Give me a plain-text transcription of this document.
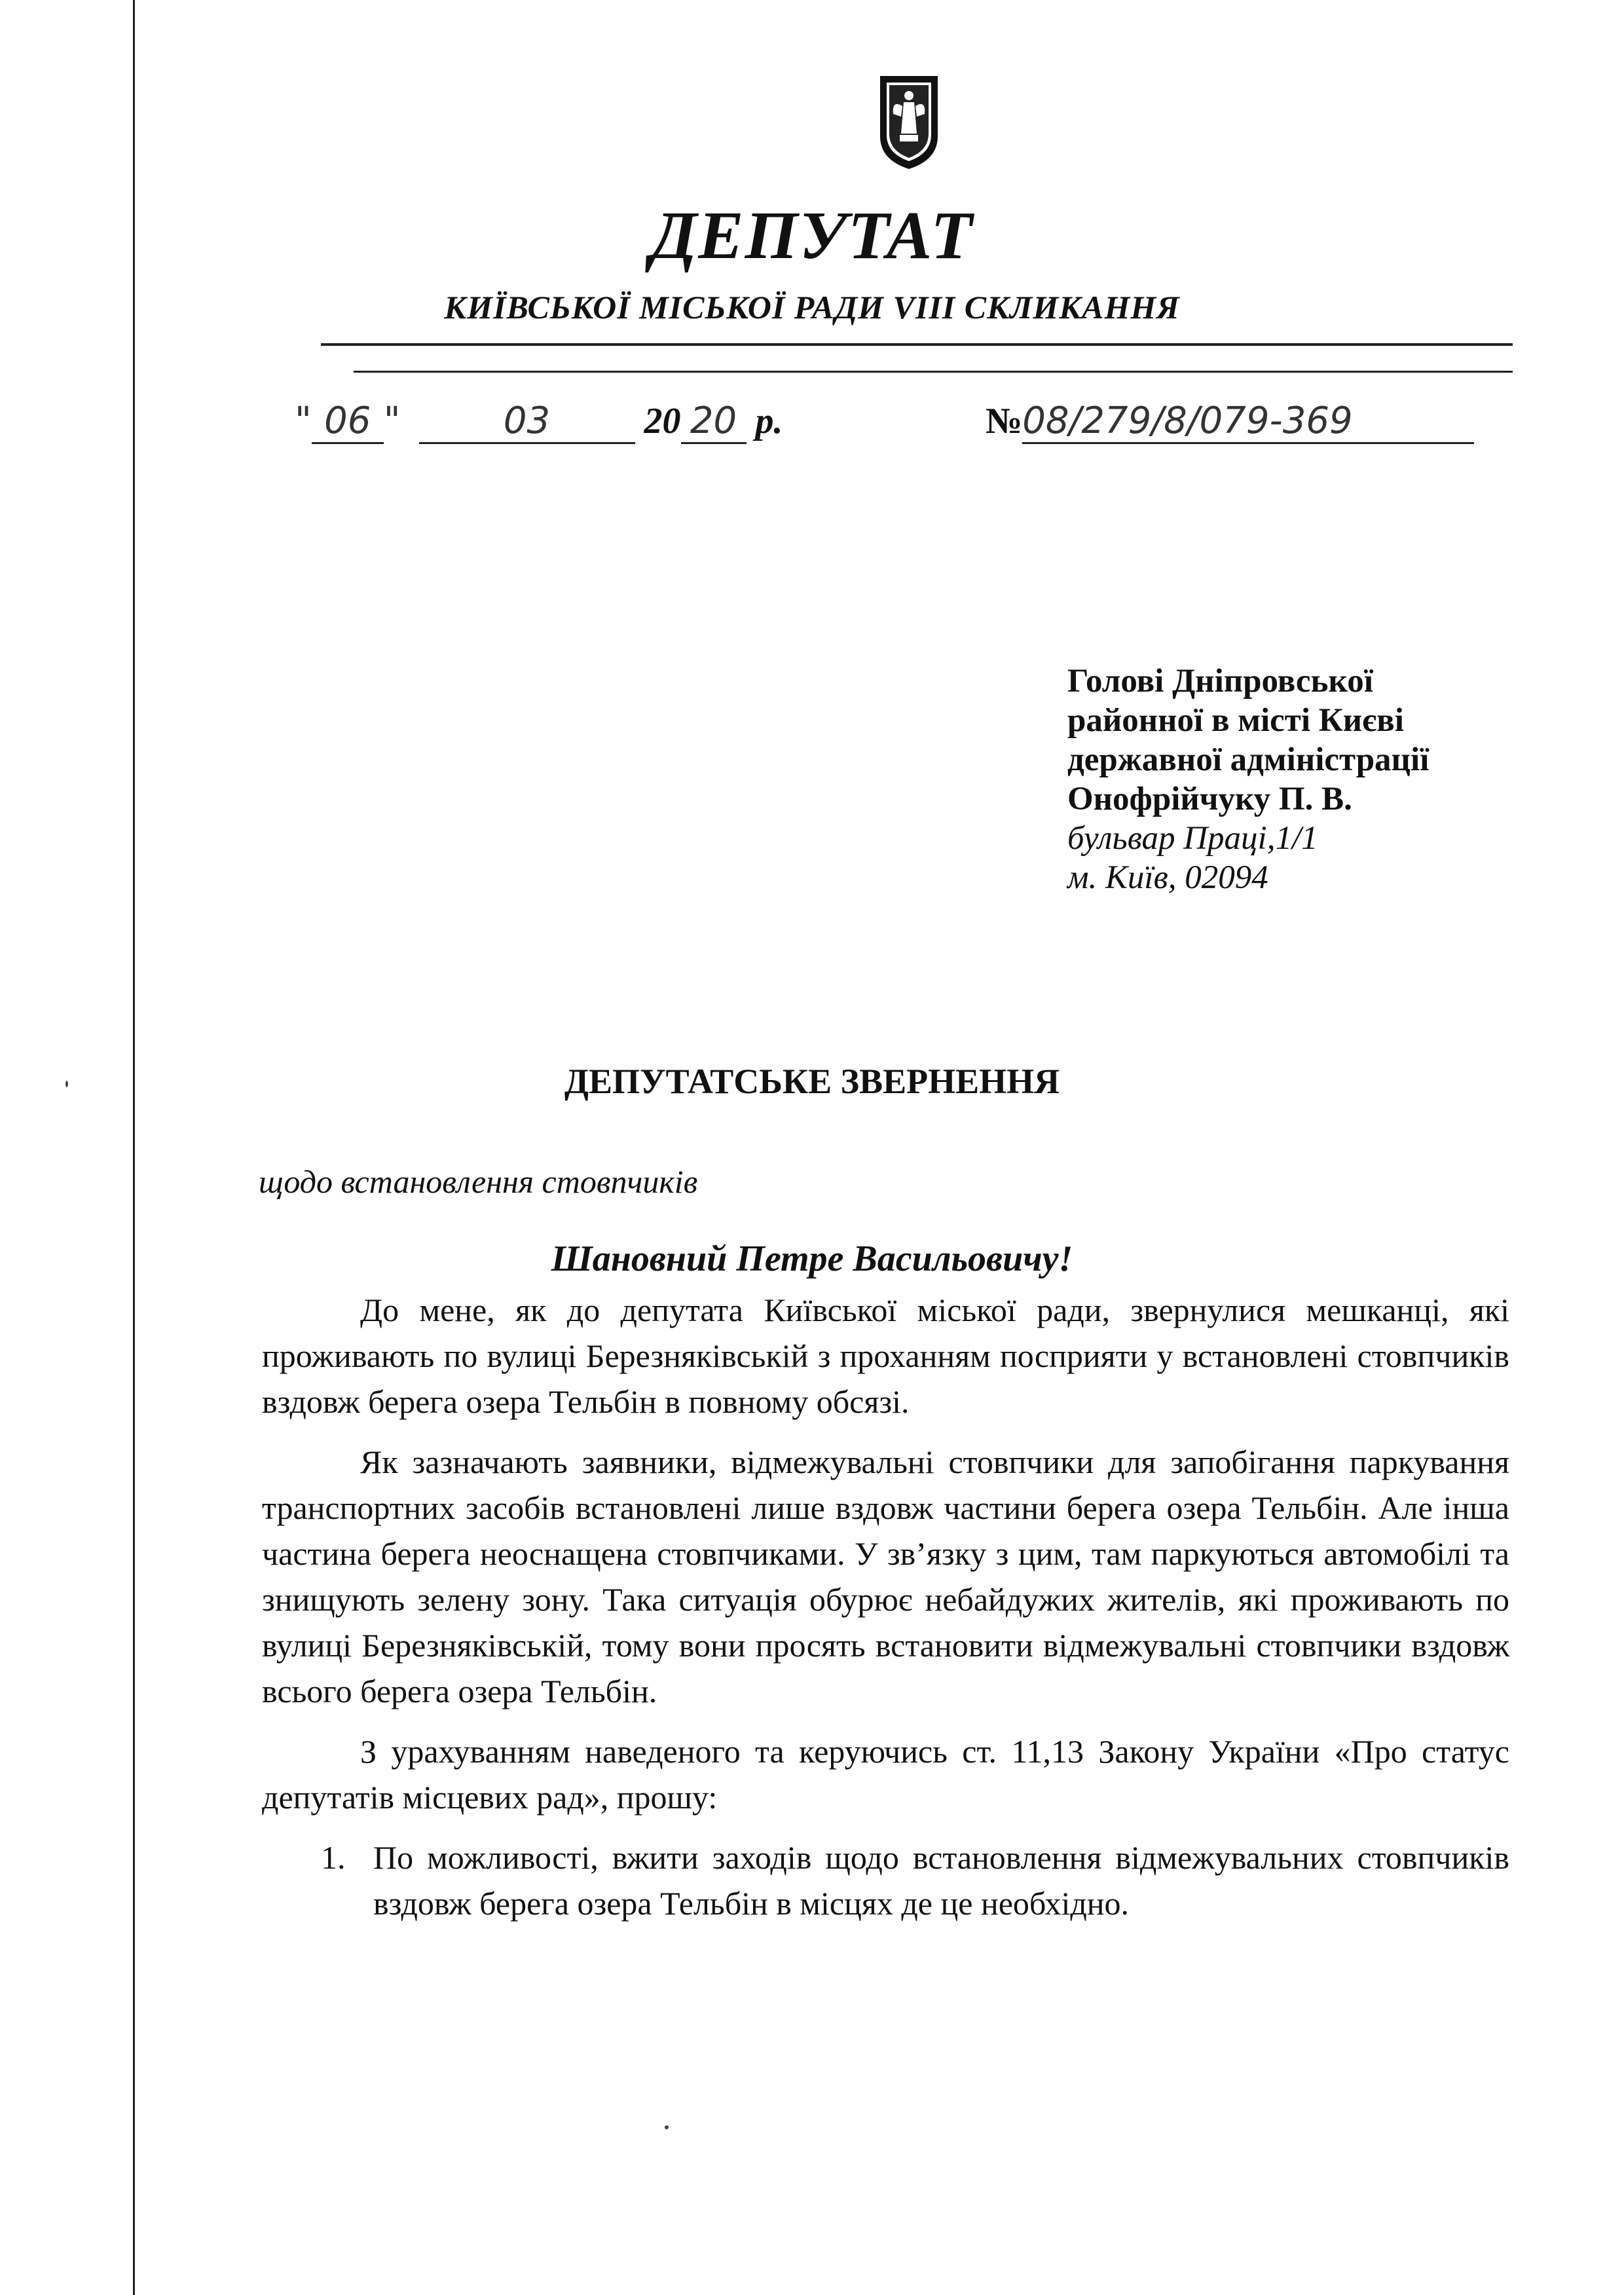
ДЕПУТАТ
КИЇВСЬКОЇ МІСЬКОЇ РАДИ VIII СКЛИКАННЯ
" 06 "	03	20 20 р.	№08/279/8/079-369
Голові Дніпровської
районної в місті Києві
державної адміністрації
Онофрійчуку П. В.
бульвар Праці,1/1
м. Київ, 02094
ДЕПУТАТСЬКЕ ЗВЕРНЕННЯ
щодо встановлення стовпчиків
Шановний Петре Васильовичу!

До мене, як до депутата Київської міської ради, звернулися мешканці, які проживають по вулиці Березняківській з проханням посприяти у встановлені стовпчиків вздовж берега озера Тельбін в повному обсязі.

Як зазначають заявники, відмежувальні стовпчики для запобігання паркування транспортних засобів встановлені лише вздовж частини берега озера Тельбін. Але інша частина берега неоснащена стовпчиками. У зв’язку з цим, там паркуються автомобілі та знищують зелену зону. Така ситуація обурює небайдужих жителів, які проживають по вулиці Березняківській, тому вони просять встановити відмежувальні стовпчики вздовж всього берега озера Тельбін.

З урахуванням наведеного та керуючись ст. 11,13 Закону України «Про статус депутатів місцевих рад», прошу:

1. По можливості, вжити заходів щодо встановлення відмежувальних стовпчиків вздовж берега озера Тельбін в місцях де це необхідно.
